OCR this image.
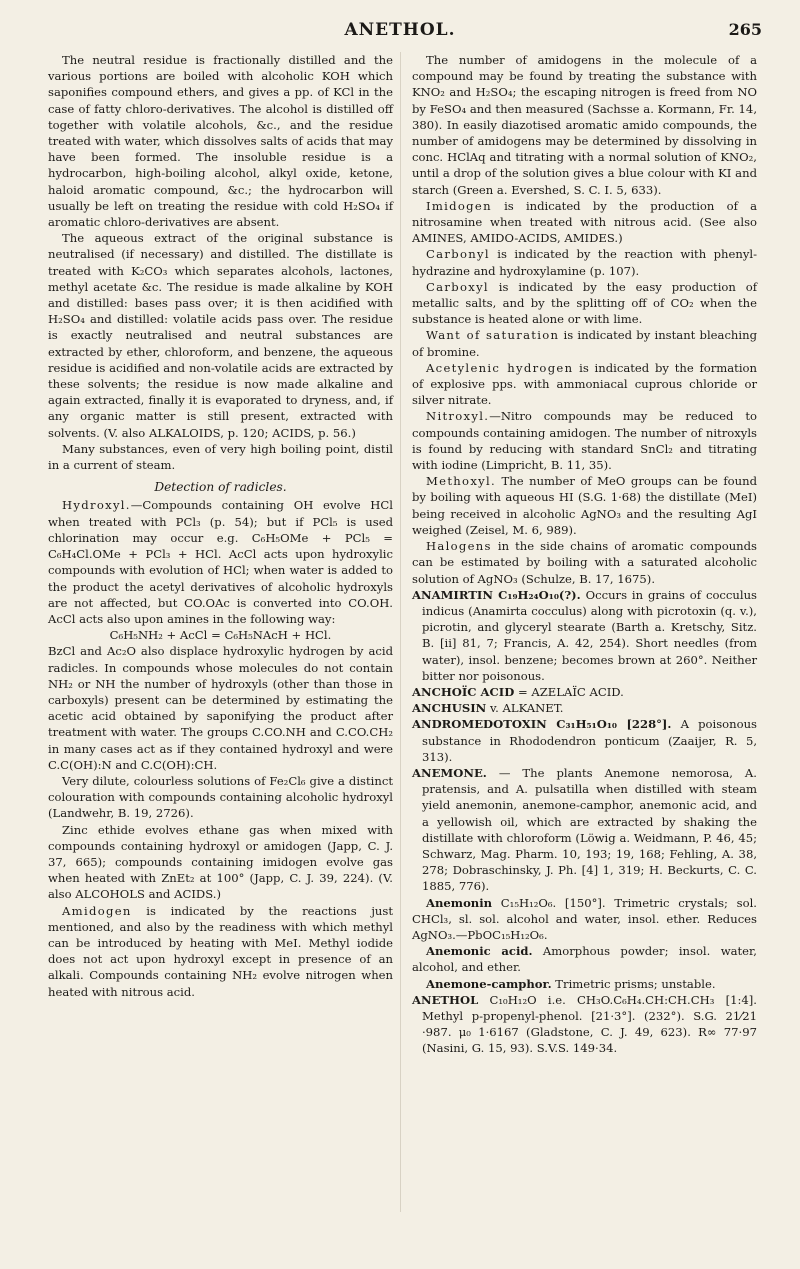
ANETHOL.	265

The neutral residue is fractionally distilled and the various portions are boiled with alcoholic KOH which saponifies compound ethers, and gives a pp. of KCl in the case of fatty chloro-derivatives. The alcohol is distilled off together with volatile alcohols, &c., and the residue treated with water, which dissolves salts of acids that may have been formed. The insoluble residue is a hydrocarbon, high-boiling alcohol, alkyl oxide, ketone, haloid aromatic compound, &c.; the hydrocarbon will usually be left on treating the residue with cold H₂SO₄ if aromatic chloro-derivatives are absent.

The aqueous extract of the original substance is neutralised (if necessary) and distilled. The distillate is treated with K₂CO₃ which separates alcohols, lactones, methyl acetate &c. The residue is made alkaline by KOH and distilled: bases pass over; it is then acidified with H₂SO₄ and distilled: volatile acids pass over. The residue is exactly neutralised and neutral substances are extracted by ether, chloroform, and benzene, the aqueous residue is acidified and non-volatile acids are extracted by these solvents; the residue is now made alkaline and again extracted, finally it is evaporated to dryness, and, if any organic matter is still present, extracted with solvents. (V. also ALKALOIDS, p. 120; ACIDS, p. 56.)

Many substances, even of very high boiling point, distil in a current of steam.

Detection of radicles.

Hydroxyl.—Compounds containing OH evolve HCl when treated with PCl₃ (p. 54); but if PCl₅ is used chlorination may occur e.g. C₆H₅OMe + PCl₅ = C₆H₄Cl.OMe + PCl₃ + HCl. AcCl acts upon hydroxylic compounds with evolution of HCl; when water is added to the product the acetyl derivatives of alcoholic hydroxyls are not affected, but CO.OAc is converted into CO.OH. AcCl acts also upon amines in the following way:

C₆H₅NH₂ + AcCl = C₆H₅NAcH + HCl.

BzCl and Ac₂O also displace hydroxylic hydrogen by acid radicles. In compounds whose molecules do not contain NH₂ or NH the number of hydroxyls (other than those in carboxyls) present can be determined by estimating the acetic acid obtained by saponifying the product after treatment with water. The groups C.CO.NH and C.CO.CH₂ in many cases act as if they contained hydroxyl and were C.C(OH):N and C.C(OH):CH.

Very dilute, colourless solutions of Fe₂Cl₆ give a distinct colouration with compounds containing alcoholic hydroxyl (Landwehr, B. 19, 2726).

Zinc ethide evolves ethane gas when mixed with compounds containing hydroxyl or amidogen (Japp, C. J. 37, 665); compounds containing imidogen evolve gas when heated with ZnEt₂ at 100° (Japp, C. J. 39, 224). (V. also ALCOHOLS and ACIDS.)

Amidogen is indicated by the reactions just mentioned, and also by the readiness with which methyl can be introduced by heating with MeI. Methyl iodide does not act upon hydroxyl except in presence of an alkali. Compounds containing NH₂ evolve nitrogen when heated with nitrous acid.

The number of amidogens in the molecule of a compound may be found by treating the substance with KNO₂ and H₂SO₄; the escaping nitrogen is freed from NO by FeSO₄ and then measured (Sachsse a. Kormann, Fr. 14, 380). In easily diazotised aromatic amido compounds, the number of amidogens may be determined by dissolving in conc. HClAq and titrating with a normal solution of KNO₂, until a drop of the solution gives a blue colour with KI and starch (Green a. Evershed, S. C. I. 5, 633).

Imidogen is indicated by the production of a nitrosamine when treated with nitrous acid. (See also AMINES, AMIDO-ACIDS, AMIDES.)

Carbonyl is indicated by the reaction with phenyl-hydrazine and hydroxylamine (p. 107).

Carboxyl is indicated by the easy production of metallic salts, and by the splitting off of CO₂ when the substance is heated alone or with lime.

Want of saturation is indicated by instant bleaching of bromine.

Acetylenic hydrogen is indicated by the formation of explosive pps. with ammoniacal cuprous chloride or silver nitrate.

Nitroxyl.—Nitro compounds may be reduced to compounds containing amidogen. The number of nitroxyls is found by reducing with standard SnCl₂ and titrating with iodine (Limpricht, B. 11, 35).

Methoxyl. The number of MeO groups can be found by boiling with aqueous HI (S.G. 1·68) the distillate (MeI) being received in alcoholic AgNO₃ and the resulting AgI weighed (Zeisel, M. 6, 989).

Halogens in the side chains of aromatic compounds can be estimated by boiling with a saturated alcoholic solution of AgNO₃ (Schulze, B. 17, 1675).

ANAMIRTIN C₁₉H₂₄O₁₀(?). Occurs in grains of cocculus indicus (Anamirta cocculus) along with picrotoxin (q. v.), picrotin, and glyceryl stearate (Barth a. Kretschy, Sitz. B. [ii] 81, 7; Francis, A. 42, 254). Short needles (from water), insol. benzene; becomes brown at 260°. Neither bitter nor poisonous.

ANCHOÏC ACID = AZELAÏC ACID.

ANCHUSIN v. ALKANET.

ANDROMEDOTOXIN C₃₁H₅₁O₁₀ [228°]. A poisonous substance in Rhododendron ponticum (Zaaijer, R. 5, 313).

ANEMONE. — The plants Anemone nemorosa, A. pratensis, and A. pulsatilla when distilled with steam yield anemonin, anemone-camphor, anemonic acid, and a yellowish oil, which are extracted by shaking the distillate with chloroform (Löwig a. Weidmann, P. 46, 45; Schwarz, Mag. Pharm. 10, 193; 19, 168; Fehling, A. 38, 278; Dobraschinsky, J. Ph. [4] 1, 319; H. Beckurts, C. C. 1885, 776).

Anemonin C₁₅H₁₂O₆. [150°]. Trimetric crystals; sol. CHCl₃, sl. sol. alcohol and water, insol. ether. Reduces AgNO₃.—PbOC₁₅H₁₂O₆.

Anemonic acid. Amorphous powder; insol. water, alcohol, and ether.

Anemone-camphor. Trimetric prisms; unstable.

ANETHOL C₁₀H₁₂O i.e. CH₃O.C₆H₄.CH:CH.CH₃ [1:4]. Methyl p-propenyl-phenol. [21·3°]. (232°). S.G. 21⁄21 ·987. μ₀ 1·6167 (Gladstone, C. J. 49, 623). R∞ 77·97 (Nasini, G. 15, 93). S.V.S. 149·34.
